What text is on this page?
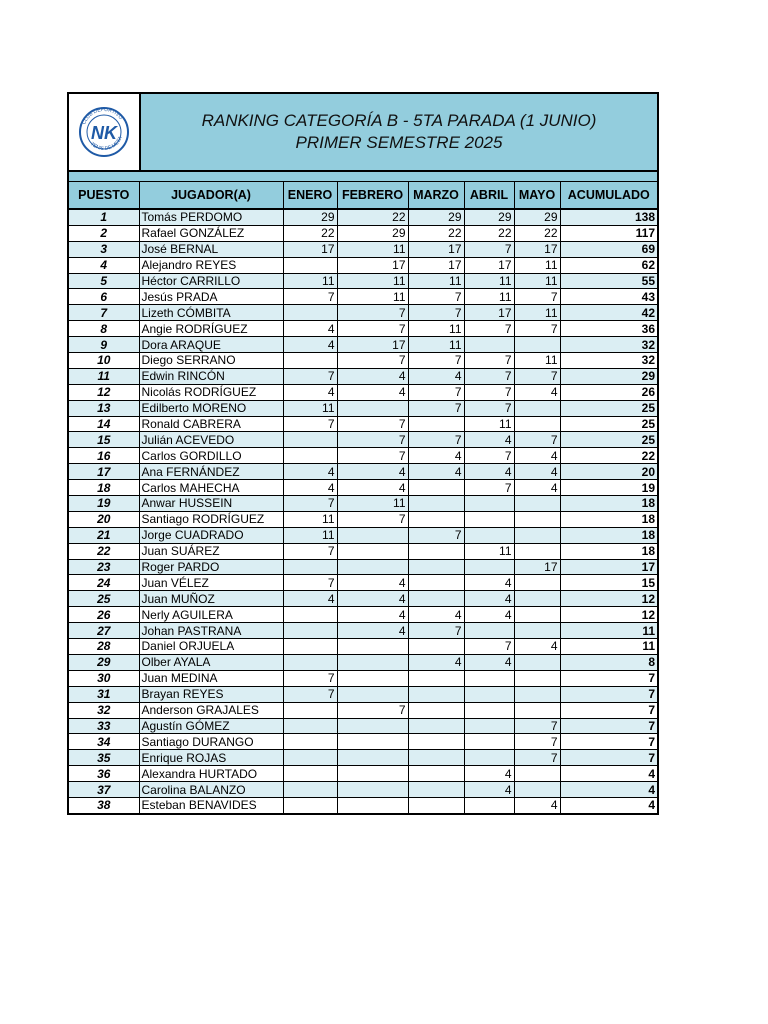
CLUB DEPORTIVO
TENIS DE MESA
NK
RANKING CATEGORÍA B - 5TA PARADA (1 JUNIO)
PRIMER SEMESTRE 2025
PUESTO	JUGADOR(A)	ENERO	FEBRERO	MARZO	ABRIL	MAYO	ACUMULADO
1	Tomás PERDOMO	29	22	29	29	29	138
2	Rafael GONZÁLEZ	22	29	22	22	22	117
3	José BERNAL	17	11	17	7	17	69
4	Alejandro REYES		17	17	17	11	62
5	Héctor CARRILLO	11	11	11	11	11	55
6	Jesús PRADA	7	11	7	11	7	43
7	Lizeth CÓMBITA		7	7	17	11	42
8	Angie RODRÍGUEZ	4	7	11	7	7	36
9	Dora ARAQUE	4	17	11			32
10	Diego SERRANO		7	7	7	11	32
11	Edwin RINCÓN	7	4	4	7	7	29
12	Nicolás RODRÍGUEZ	4	4	7	7	4	26
13	Edilberto MORENO	11		7	7		25
14	Ronald CABRERA	7	7		11		25
15	Julián ACEVEDO		7	7	4	7	25
16	Carlos GORDILLO		7	4	7	4	22
17	Ana FERNÁNDEZ	4	4	4	4	4	20
18	Carlos MAHECHA	4	4		7	4	19
19	Anwar HUSSEIN	7	11				18
20	Santiago RODRÍGUEZ	11	7				18
21	Jorge CUADRADO	11		7			18
22	Juan SUÁREZ	7			11		18
23	Roger PARDO					17	17
24	Juan VÉLEZ	7	4		4		15
25	Juan MUÑOZ	4	4		4		12
26	Nerly AGUILERA		4	4	4		12
27	Johan PASTRANA		4	7			11
28	Daniel ORJUELA				7	4	11
29	Olber AYALA			4	4		8
30	Juan MEDINA	7					7
31	Brayan REYES	7					7
32	Anderson GRAJALES		7				7
33	Agustín GÓMEZ					7	7
34	Santiago DURANGO					7	7
35	Enrique ROJAS					7	7
36	Alexandra HURTADO				4		4
37	Carolina BALANZO				4		4
38	Esteban BENAVIDES					4	4
